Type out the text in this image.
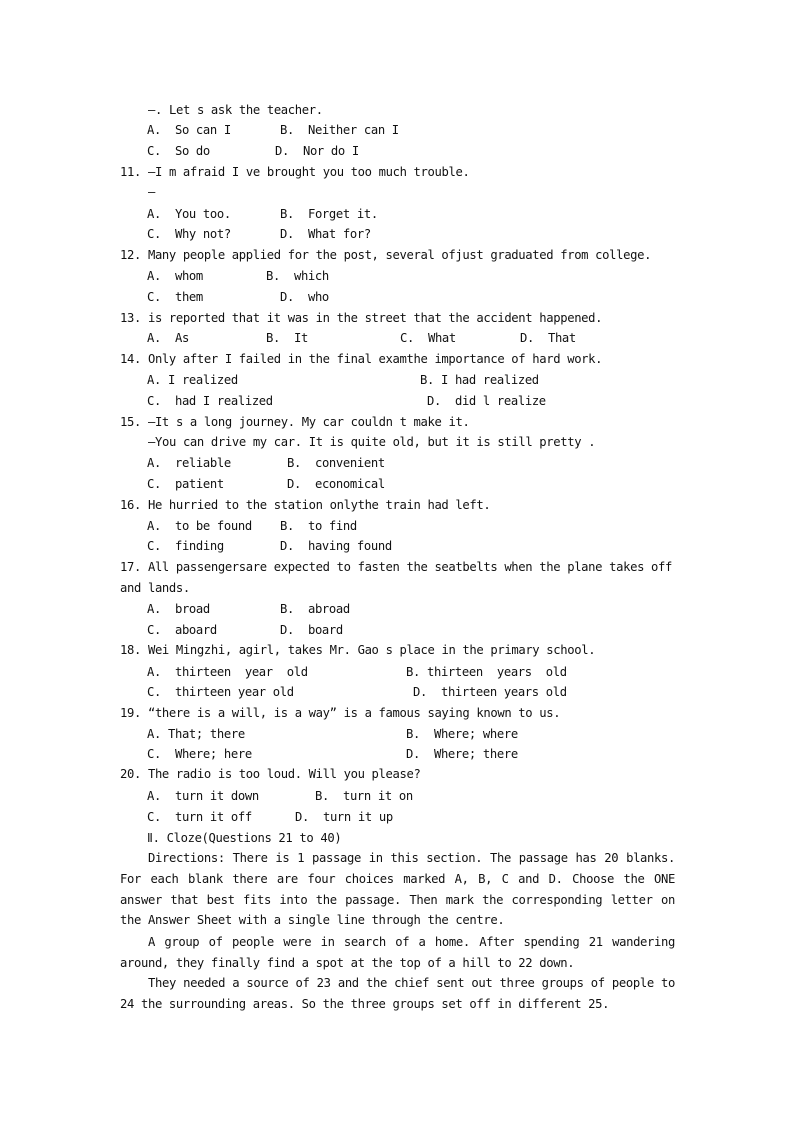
—. Lets ask the teacher.
A.  So can I	B.  Neither can I
C.  So do	D.  Nor do I
11. —Im afraid Ive brought you too much trouble.
—
A.  You too.	B.  Forget it.
C.  Why not?	D.  What for?
12. Many people applied for the post, several ofjust graduated from college.
A.  whom	B.  which
C.  them	D.  who
13. is reported that it was in the street that the accident happened.
A.  As	B.  It	C.  What	D.  That
14. Only after I failed in the final examthe importance of hard work.
A. I realized	B. I had realized
C.  had I realized	D.  did l realize
15. —Its a long journey. My car couldnt make it.
—You can drive my car. It is quite old, but it is still pretty .
A.  reliable	B.  convenient
C.  patient	D.  economical
16. He hurried to the station onlythe train had left.
A.  to be found B.  to find
C.  finding	D.  having found
17. All passengersare expected to fasten the seatbelts when the plane takes off
and lands.
A.  broad	B.  abroad
C.  aboard	D.  board
18. Wei Mingzhi, agirl, takes Mr. Gaos place in the primary school.
A.  thirteen  year  old	B. thirteen  years  old
C.  thirteen year old	D.  thirteen years old
19. “there is a will, is a way” is a famous saying known to us.
A. That; there	B.  Where; where
C.  Where; here	D.  Where; there
20. The radio is too loud. Will you please?
A.  turn it down	B.  turn it on
C.  turn it off	D.  turn it up
Ⅱ. Cloze(Questions 21 to 40)
Directions: There is 1 passage in this section. The passage has 20 blanks. For each blank there are four choices marked A, B, C and D. Choose the ONE answer that best fits into the passage. Then mark the corresponding letter on the Answer Sheet with a single line through the centre.
A group of people were in search of a home. After spending 21 wandering around, they finally find a spot at the top of a hill to 22 down.
They needed a source of 23 and the chief sent out three groups of people to 24 the surrounding areas. So the three groups set off in different 25.
